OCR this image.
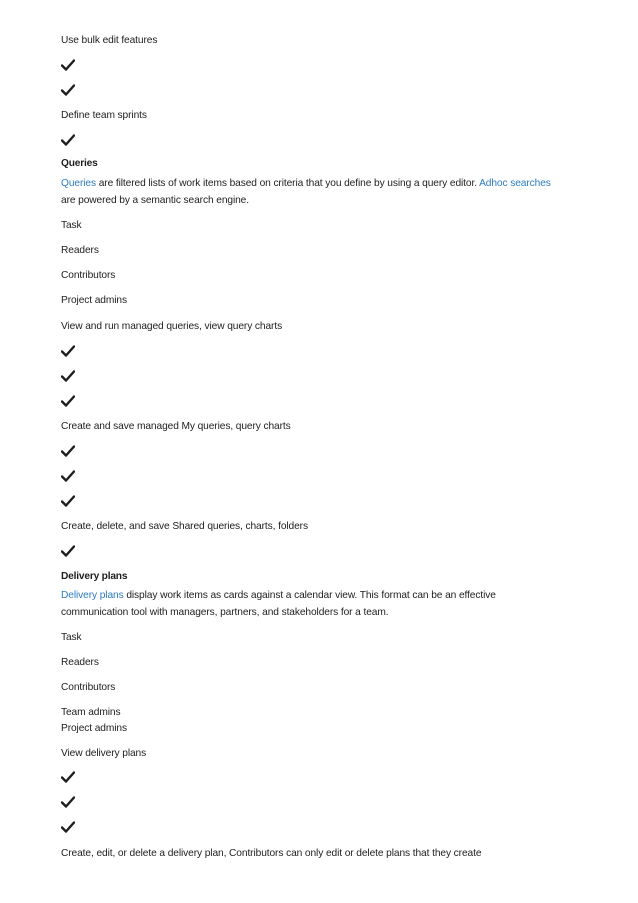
Use bulk edit features
Define team sprints
Queries
Queries are filtered lists of work items based on criteria that you define by using a query editor. Adhoc searches
are powered by a semantic search engine.
Task
Readers
Contributors
Project admins
View and run managed queries, view query charts
Create and save managed My queries, query charts
Create, delete, and save Shared queries, charts, folders
Delivery plans
Delivery plans display work items as cards against a calendar view. This format can be an effective
communication tool with managers, partners, and stakeholders for a team.
Task
Readers
Contributors
Team admins
Project admins
View delivery plans
Create, edit, or delete a delivery plan, Contributors can only edit or delete plans that they create
